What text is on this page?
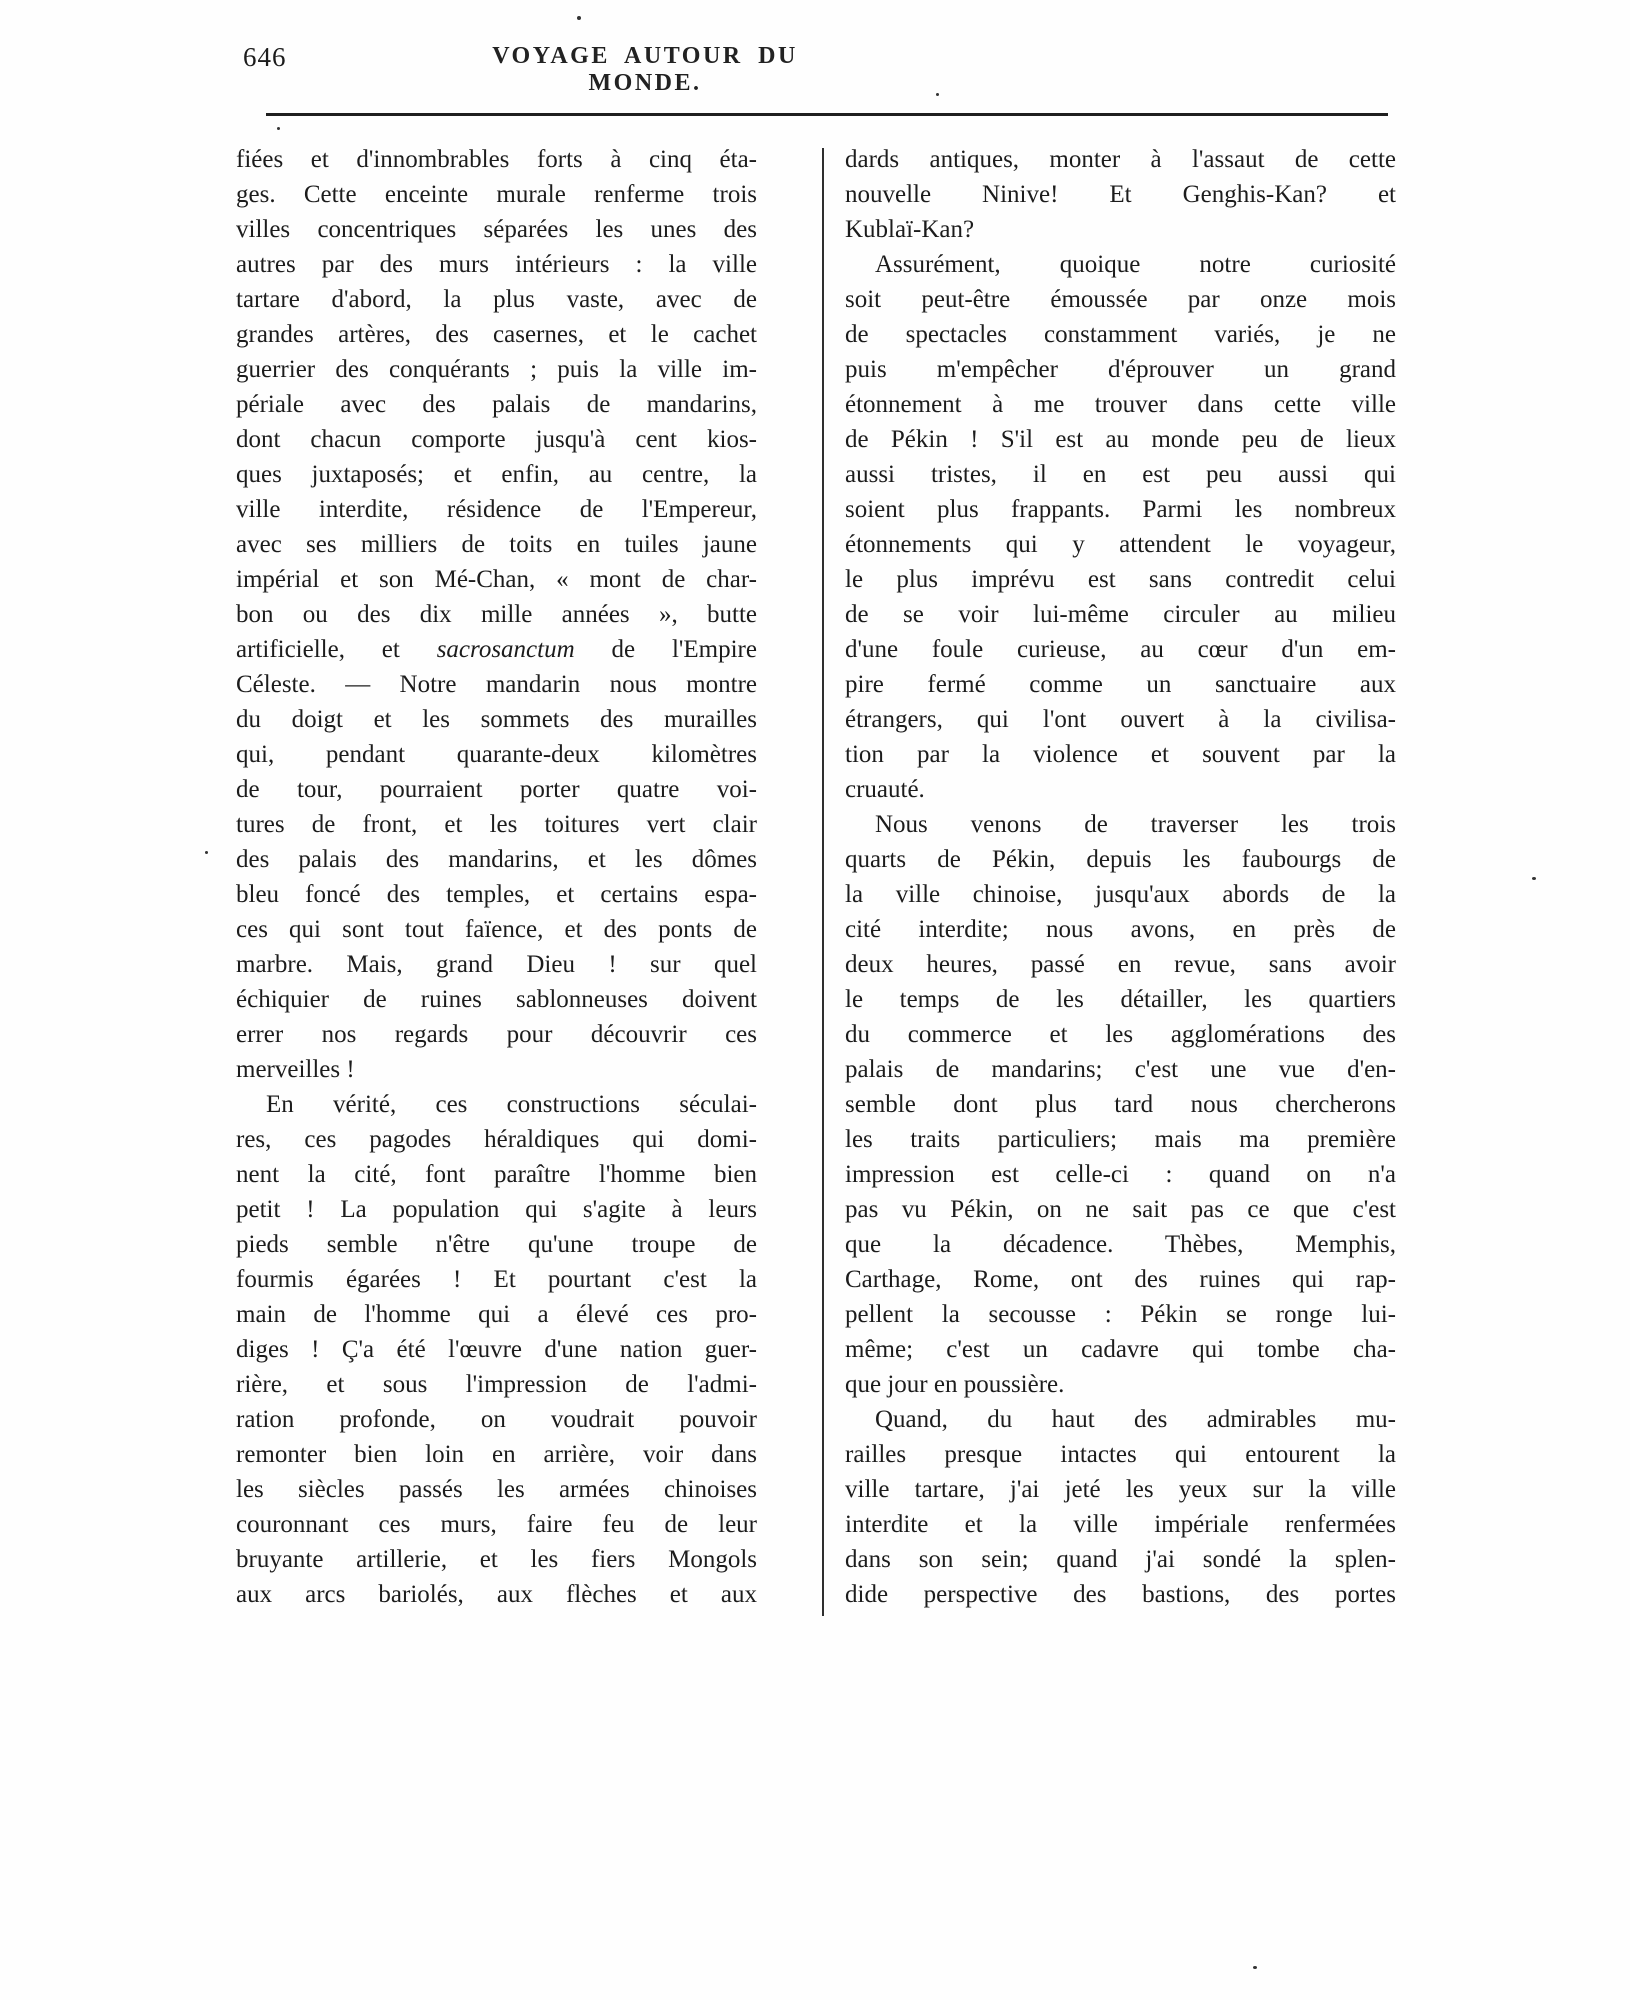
646	VOYAGE AUTOUR DU MONDE.
fiées et d'innombrables forts à cinq éta-
ges. Cette enceinte murale renferme trois
villes concentriques séparées les unes des
autres par des murs intérieurs : la ville
tartare d'abord, la plus vaste, avec de
grandes artères, des casernes, et le cachet
guerrier des conquérants ; puis la ville im-
périale avec des palais de mandarins,
dont chacun comporte jusqu'à cent kios-
ques juxtaposés; et enfin, au centre, la
ville interdite, résidence de l'Empereur,
avec ses milliers de toits en tuiles jaune
impérial et son Mé-Chan, « mont de char-
bon ou des dix mille années », butte
artificielle, et sacrosanctum de l'Empire
Céleste. — Notre mandarin nous montre
du doigt et les sommets des murailles
qui, pendant quarante-deux kilomètres
de tour, pourraient porter quatre voi-
tures de front, et les toitures vert clair
des palais des mandarins, et les dômes
bleu foncé des temples, et certains espa-
ces qui sont tout faïence, et des ponts de
marbre. Mais, grand Dieu ! sur quel
échiquier de ruines sablonneuses doivent
errer nos regards pour découvrir ces
merveilles !
En vérité, ces constructions séculai-
res, ces pagodes héraldiques qui domi-
nent la cité, font paraître l'homme bien
petit ! La population qui s'agite à leurs
pieds semble n'être qu'une troupe de
fourmis égarées ! Et pourtant c'est la
main de l'homme qui a élevé ces pro-
diges ! Ç'a été l'œuvre d'une nation guer-
rière, et sous l'impression de l'admi-
ration profonde, on voudrait pouvoir
remonter bien loin en arrière, voir dans
les siècles passés les armées chinoises
couronnant ces murs, faire feu de leur
bruyante artillerie, et les fiers Mongols
aux arcs bariolés, aux flèches et aux
dards antiques, monter à l'assaut de cette
nouvelle Ninive! Et Genghis-Kan? et
Kublaï-Kan?
Assurément, quoique notre curiosité
soit peut-être émoussée par onze mois
de spectacles constamment variés, je ne
puis m'empêcher d'éprouver un grand
étonnement à me trouver dans cette ville
de Pékin ! S'il est au monde peu de lieux
aussi tristes, il en est peu aussi qui
soient plus frappants. Parmi les nombreux
étonnements qui y attendent le voyageur,
le plus imprévu est sans contredit celui
de se voir lui-même circuler au milieu
d'une foule curieuse, au cœur d'un em-
pire fermé comme un sanctuaire aux
étrangers, qui l'ont ouvert à la civilisa-
tion par la violence et souvent par la
cruauté.
Nous venons de traverser les trois
quarts de Pékin, depuis les faubourgs de
la ville chinoise, jusqu'aux abords de la
cité interdite; nous avons, en près de
deux heures, passé en revue, sans avoir
le temps de les détailler, les quartiers
du commerce et les agglomérations des
palais de mandarins; c'est une vue d'en-
semble dont plus tard nous chercherons
les traits particuliers; mais ma première
impression est celle-ci : quand on n'a
pas vu Pékin, on ne sait pas ce que c'est
que la décadence. Thèbes, Memphis,
Carthage, Rome, ont des ruines qui rap-
pellent la secousse : Pékin se ronge lui-
même; c'est un cadavre qui tombe cha-
que jour en poussière.
Quand, du haut des admirables mu-
railles presque intactes qui entourent la
ville tartare, j'ai jeté les yeux sur la ville
interdite et la ville impériale renfermées
dans son sein; quand j'ai sondé la splen-
dide perspective des bastions, des portes
